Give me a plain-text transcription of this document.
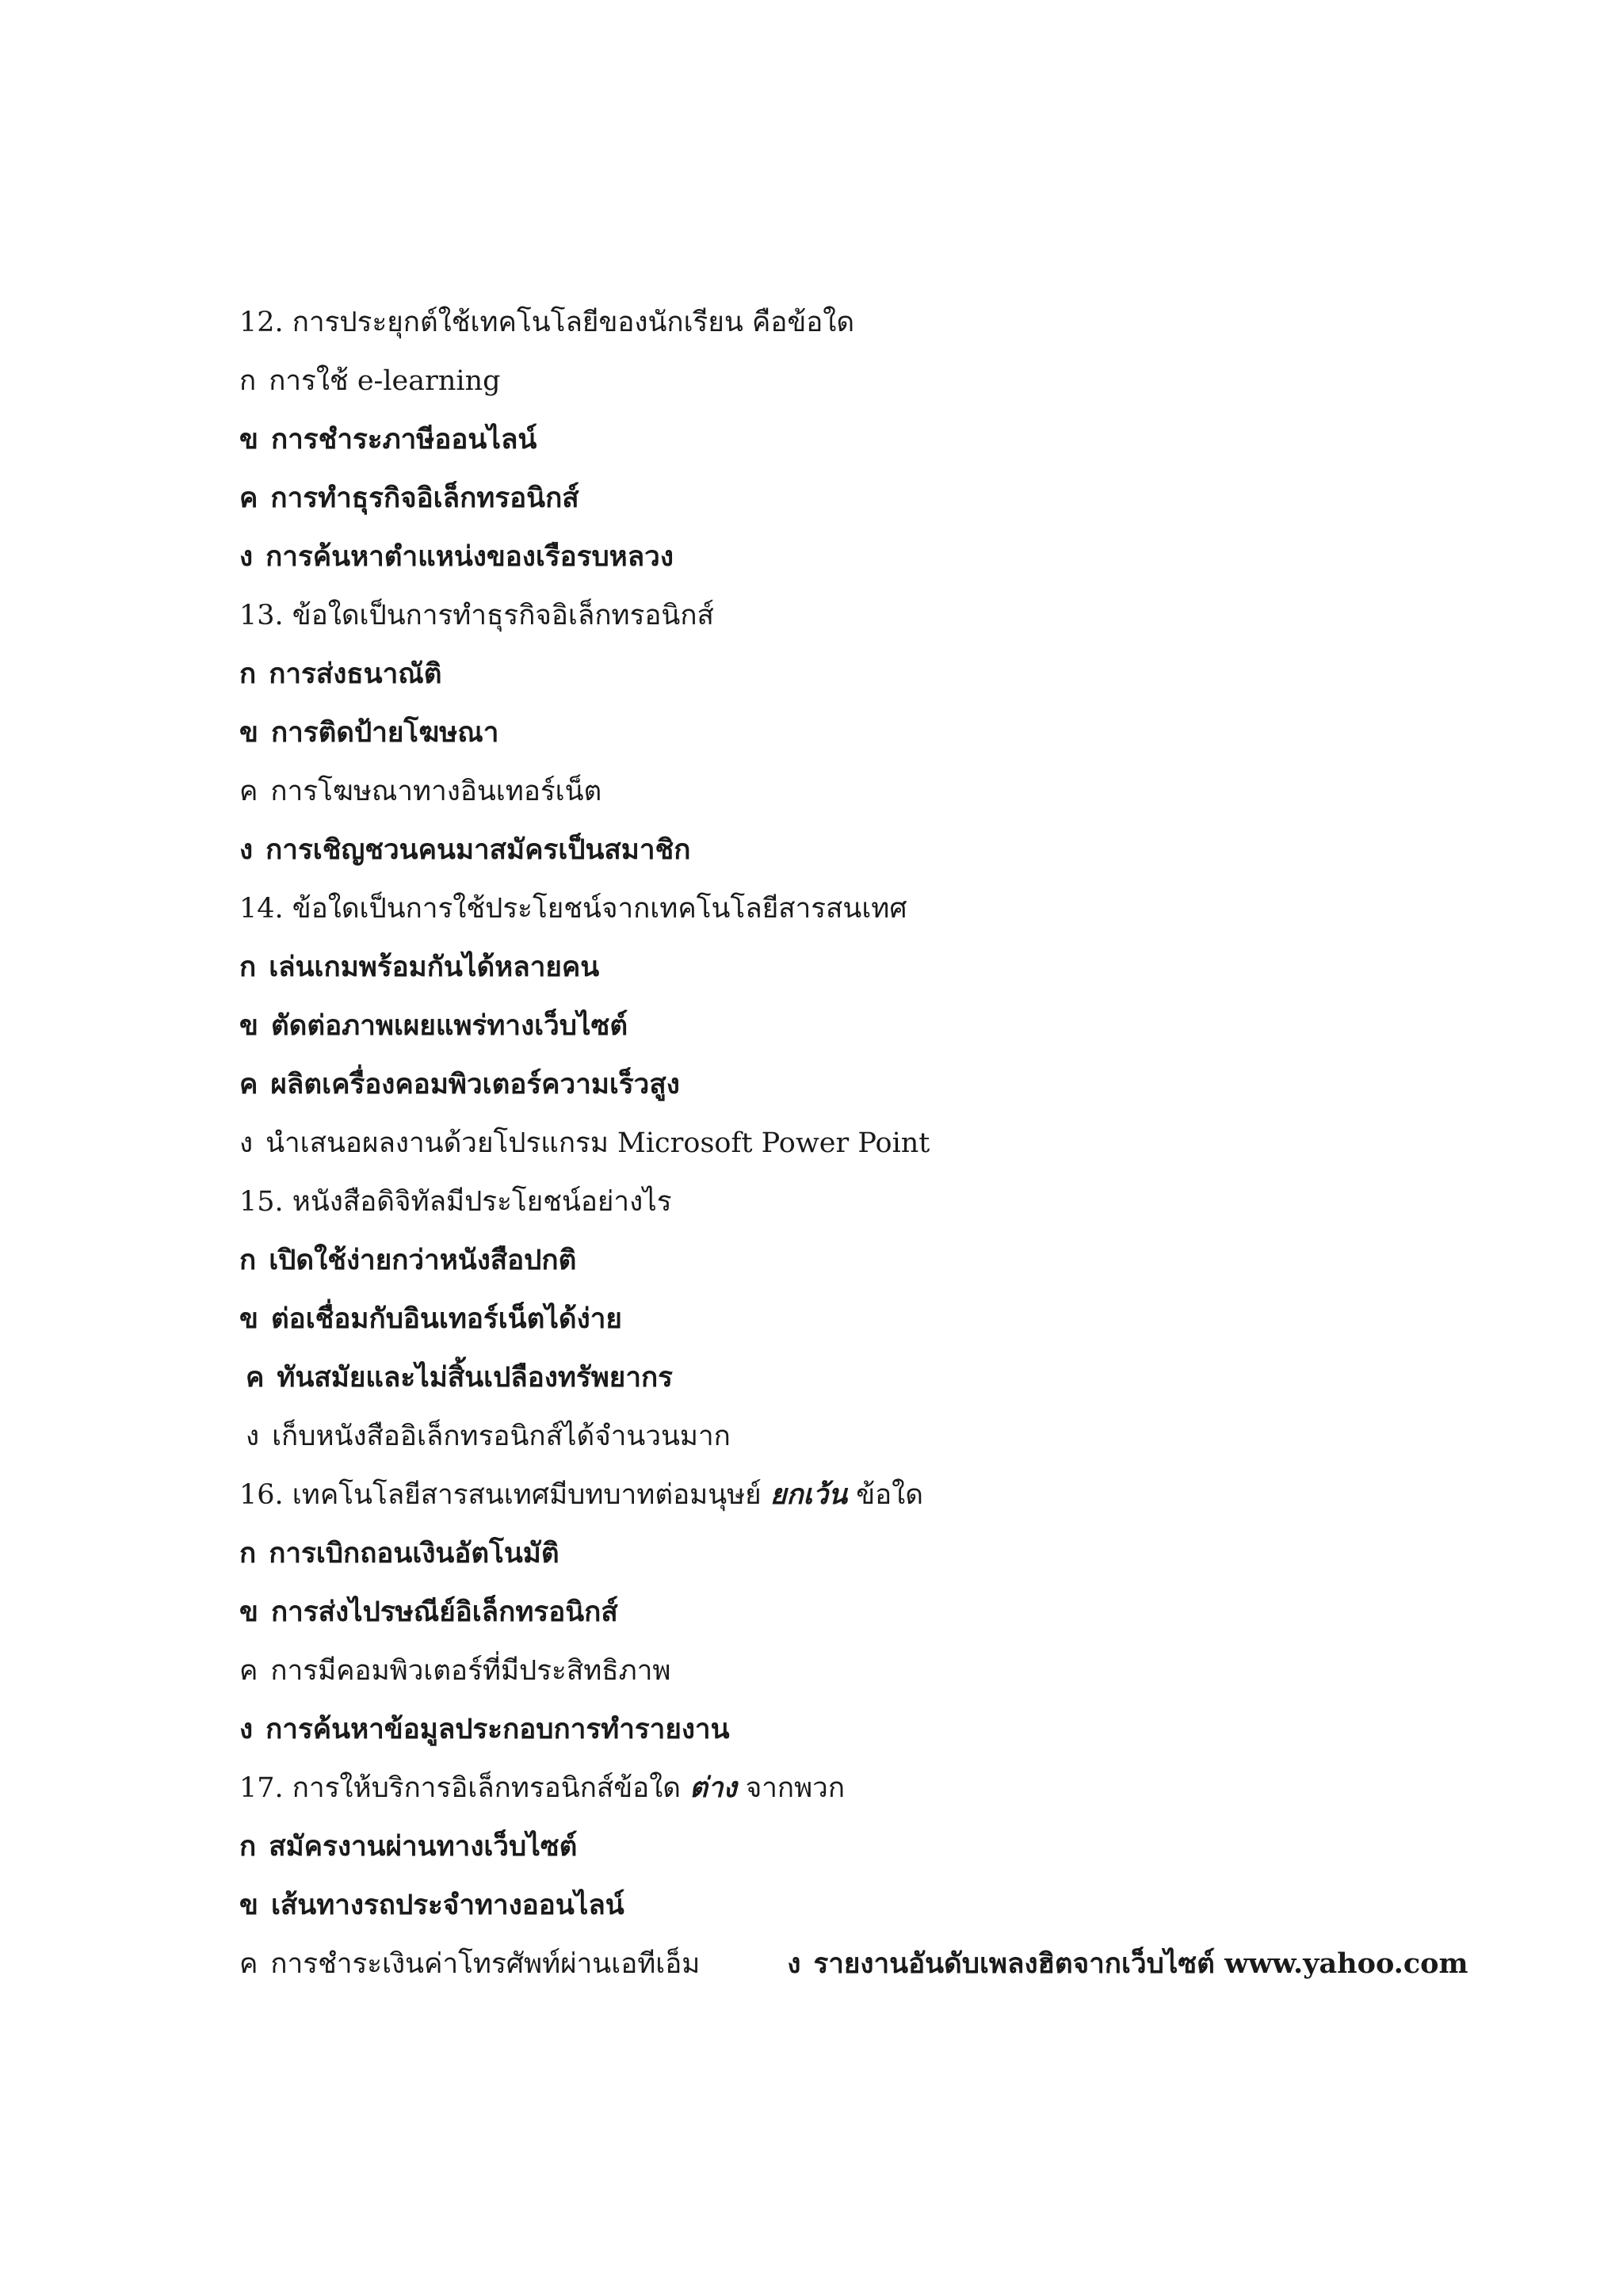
12. การประยุกต์ใช้เทคโนโลยีของนักเรียน คือข้อใด
ก การใช้ e-learning
ข การชำระภาษีออนไลน์
ค การทำธุรกิจอิเล็กทรอนิกส์
ง การค้นหาตำแหน่งของเรือรบหลวง
13. ข้อใดเป็นการทำธุรกิจอิเล็กทรอนิกส์
ก การส่งธนาณัติ
ข การติดป้ายโฆษณา
ค การโฆษณาทางอินเทอร์เน็ต
ง การเชิญชวนคนมาสมัครเป็นสมาชิก
14. ข้อใดเป็นการใช้ประโยชน์จากเทคโนโลยีสารสนเทศ
ก เล่นเกมพร้อมกันได้หลายคน
ข ตัดต่อภาพเผยแพร่ทางเว็บไซต์
ค ผลิตเครื่องคอมพิวเตอร์ความเร็วสูง
ง นำเสนอผลงานด้วยโปรแกรม Microsoft Power Point
15. หนังสือดิจิทัลมีประโยชน์อย่างไร
ก เปิดใช้ง่ายกว่าหนังสือปกติ
ข ต่อเชื่อมกับอินเทอร์เน็ตได้ง่าย
ค ทันสมัยและไม่สิ้นเปลืองทรัพยากร
ง เก็บหนังสืออิเล็กทรอนิกส์ได้จำนวนมาก
16. เทคโนโลยีสารสนเทศมีบทบาทต่อมนุษย์ ยกเว้น ข้อใด
ก การเบิกถอนเงินอัตโนมัติ
ข การส่งไปรษณีย์อิเล็กทรอนิกส์
ค การมีคอมพิวเตอร์ที่มีประสิทธิภาพ
ง การค้นหาข้อมูลประกอบการทำรายงาน
17. การให้บริการอิเล็กทรอนิกส์ข้อใด ต่าง จากพวก
ก สมัครงานผ่านทางเว็บไซต์
ข เส้นทางรถประจำทางออนไลน์
ค การชำระเงินค่าโทรศัพท์ผ่านเอทีเอ็ม	ง รายงานอันดับเพลงฮิตจากเว็บไซต์ www.yahoo.com
